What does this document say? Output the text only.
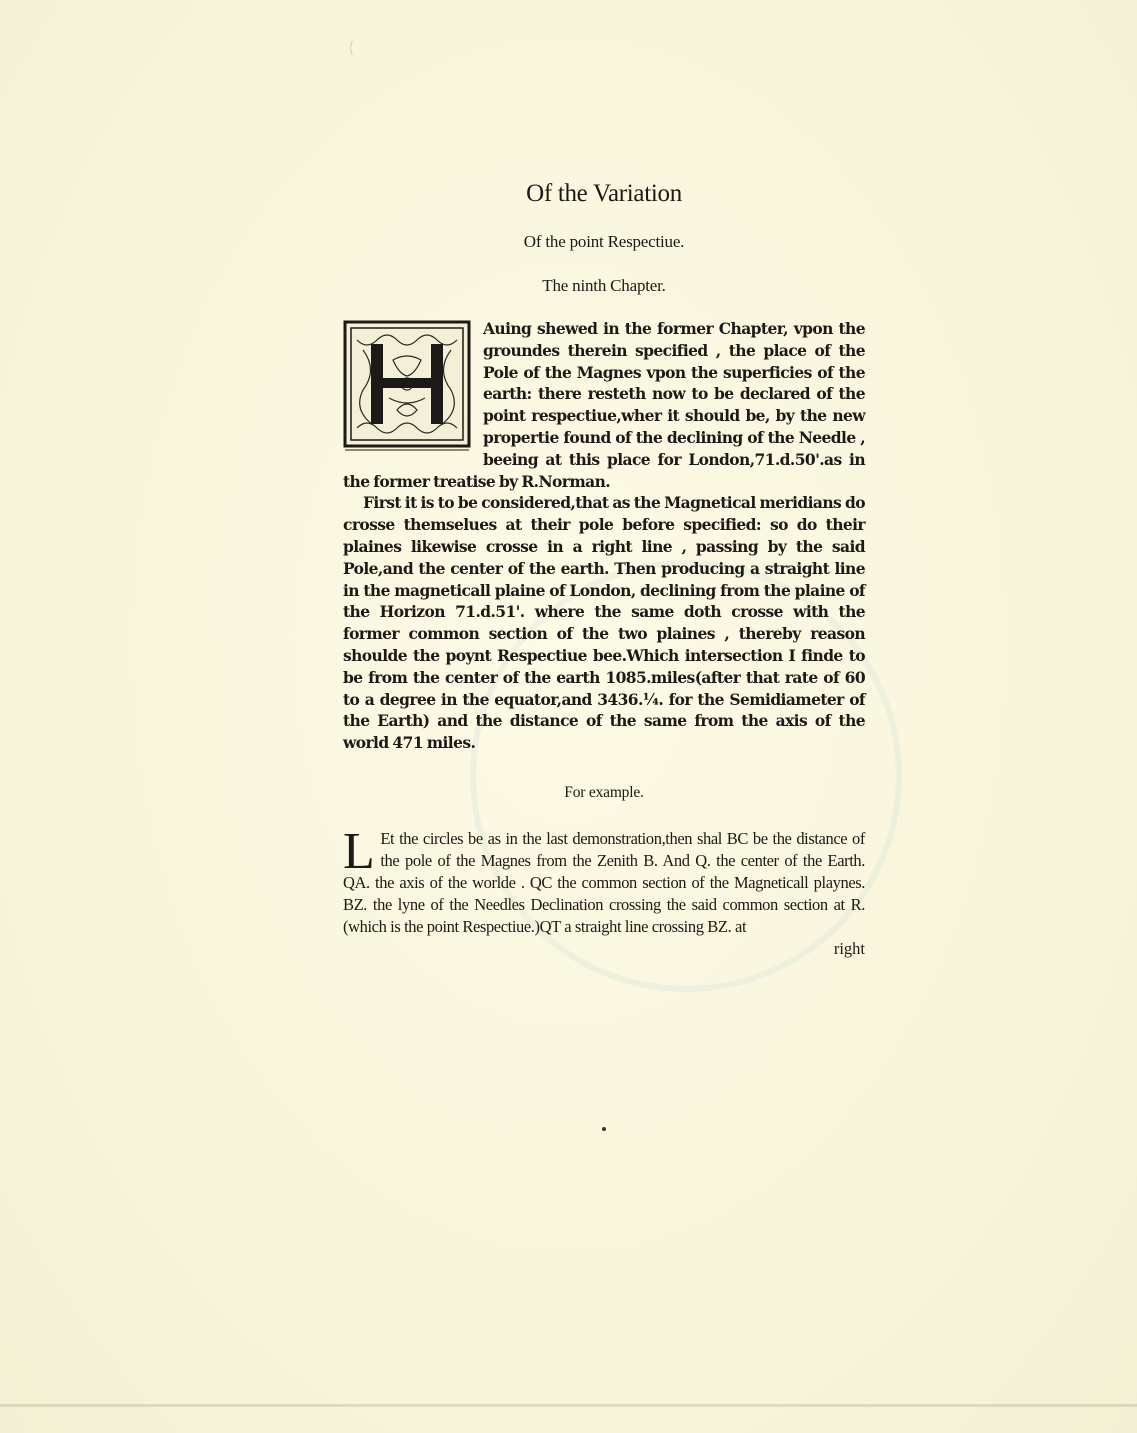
Of the Variation
Of the point Respectiue.
The ninth Chapter.

Auing shewed in the former Chapter, vpon the groundes therein specified , the place of the Pole of the Magnes vpon the superficies of the earth: there resteth now to be declared of the point respectiue,wher it should be, by the new propertie found of the declining of the Needle , beeing at this place for London,71.d.50'.as in the former treatise by R.Norman.

First it is to be considered,that as the Magnetical meridians do crosse themselues at their pole before specified: so do their plaines likewise crosse in a right line , passing by the said Pole,and the center of the earth. Then producing a straight line in the magneticall plaine of London, declining from the plaine of the Horizon 71.d.51'. where the same doth crosse with the former common section of the two plaines , thereby reason shoulde the poynt Respectiue bee.Which intersection I finde to be from the center of the earth 1085.miles(after that rate of 60 to a degree in the equator,and 3436.¼. for the Semidiameter of the Earth) and the distance of the same from the axis of the world 471 miles.

For example.
L Et the circles be as in the last demonstration,then shal BC be the distance of the pole of the Magnes from the Zenith B. And Q. the center of the Earth. QA. the axis of the worlde . QC the common section of the Magneticall playnes. BZ. the lyne of the Needles Declination crossing the said common section at R.(which is the point Respectiue.)QT a straight line crossing BZ. at

right
